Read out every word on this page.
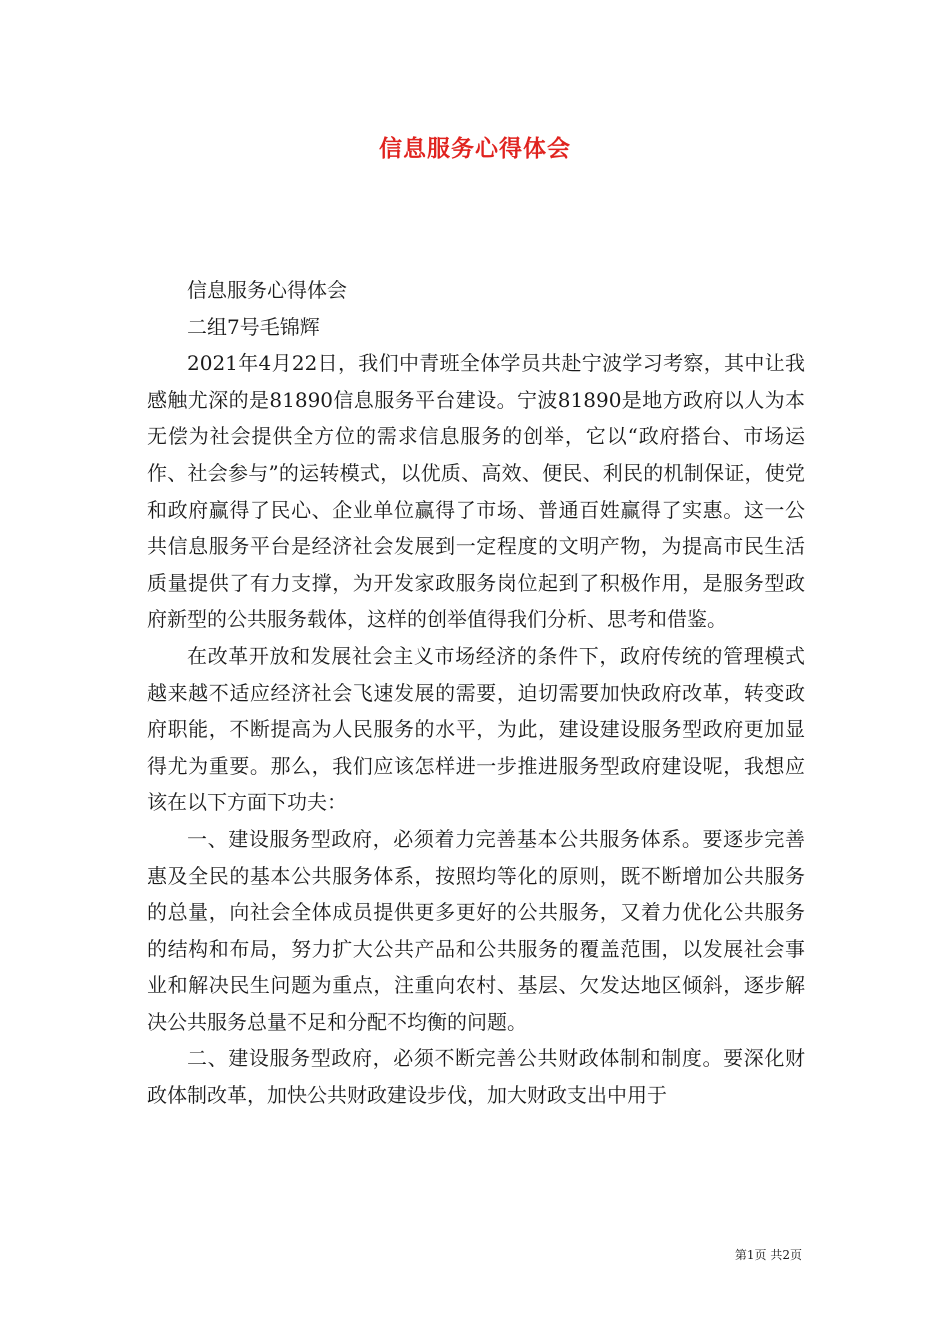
信息服务心得体会

信息服务心得体会

二组7号毛锦辉

2021年4月22日，我们中青班全体学员共赴宁波学习考察，其中让我感触尤深的是81890信息服务平台建设。宁波81890是地方政府以人为本无偿为社会提供全方位的需求信息服务的创举，它以“政府搭台、市场运作、社会参与”的运转模式，以优质、高效、便民、利民的机制保证，使党和政府赢得了民心、企业单位赢得了市场、普通百姓赢得了实惠。这一公共信息服务平台是经济社会发展到一定程度的文明产物，为提高市民生活质量提供了有力支撑，为开发家政服务岗位起到了积极作用，是服务型政府新型的公共服务载体，这样的创举值得我们分析、思考和借鉴。

在改革开放和发展社会主义市场经济的条件下，政府传统的管理模式越来越不适应经济社会飞速发展的需要，迫切需要加快政府改革，转变政府职能，不断提高为人民服务的水平，为此，建设建设服务型政府更加显得尤为重要。那么，我们应该怎样进一步推进服务型政府建设呢，我想应该在以下方面下功夫：

一、建设服务型政府，必须着力完善基本公共服务体系。要逐步完善惠及全民的基本公共服务体系，按照均等化的原则，既不断增加公共服务的总量，向社会全体成员提供更多更好的公共服务，又着力优化公共服务的结构和布局，努力扩大公共产品和公共服务的覆盖范围，以发展社会事业和解决民生问题为重点，注重向农村、基层、欠发达地区倾斜，逐步解决公共服务总量不足和分配不均衡的问题。

二、建设服务型政府，必须不断完善公共财政体制和制度。要深化财政体制改革，加快公共财政建设步伐，加大财政支出中用于

第1页 共2页
